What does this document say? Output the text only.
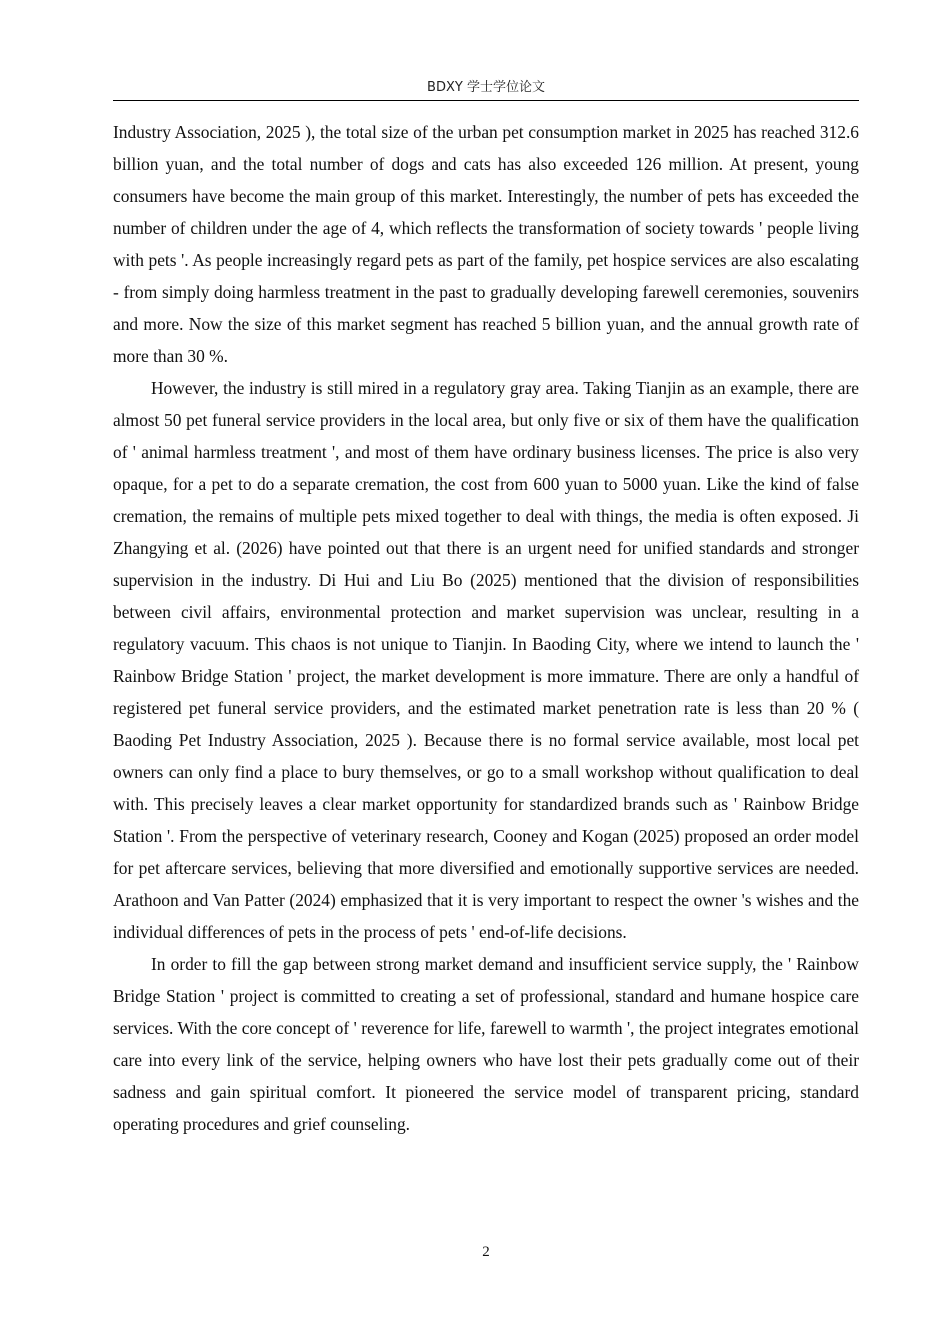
BDXY 学士学位论文

Industry Association, 2025 ), the total size of the urban pet consumption market in 2025 has reached 312.6 billion yuan, and the total number of dogs and cats has also exceeded 126 million. At present, young consumers have become the main group of this market. Interestingly, the number of pets has exceeded the number of children under the age of 4, which reflects the transformation of society towards ' people living with pets '. As people increasingly regard pets as part of the family, pet hospice services are also escalating - from simply doing harmless treatment in the past to gradually developing farewell ceremonies, souvenirs and more. Now the size of this market segment has reached 5 billion yuan, and the annual growth rate of more than 30 %.

However, the industry is still mired in a regulatory gray area. Taking Tianjin as an example, there are almost 50 pet funeral service providers in the local area, but only five or six of them have the qualification of ' animal harmless treatment ', and most of them have ordinary business licenses. The price is also very opaque, for a pet to do a separate cremation, the cost from 600 yuan to 5000 yuan. Like the kind of false cremation, the remains of multiple pets mixed together to deal with things, the media is often exposed. Ji Zhangying et al. (2026) have pointed out that there is an urgent need for unified standards and stronger supervision in the industry. Di Hui and Liu Bo (2025) mentioned that the division of responsibilities between civil affairs, environmental protection and market supervision was unclear, resulting in a regulatory vacuum. This chaos is not unique to Tianjin. In Baoding City, where we intend to launch the ' Rainbow Bridge Station ' project, the market development is more immature. There are only a handful of registered pet funeral service providers, and the estimated market penetration rate is less than 20 % ( Baoding Pet Industry Association, 2025 ). Because there is no formal service available, most local pet owners can only find a place to bury themselves, or go to a small workshop without qualification to deal with. This precisely leaves a clear market opportunity for standardized brands such as ' Rainbow Bridge Station '. From the perspective of veterinary research, Cooney and Kogan (2025) proposed an order model for pet aftercare services, believing that more diversified and emotionally supportive services are needed. Arathoon and Van Patter (2024) emphasized that it is very important to respect the owner 's wishes and the individual differences of pets in the process of pets ' end-of-life decisions.

In order to fill the gap between strong market demand and insufficient service supply, the ' Rainbow Bridge Station ' project is committed to creating a set of professional, standard and humane hospice care services. With the core concept of ' reverence for life, farewell to warmth ', the project integrates emotional care into every link of the service, helping owners who have lost their pets gradually come out of their sadness and gain spiritual comfort. It pioneered the service model of transparent pricing, standard operating procedures and grief counseling.

2
